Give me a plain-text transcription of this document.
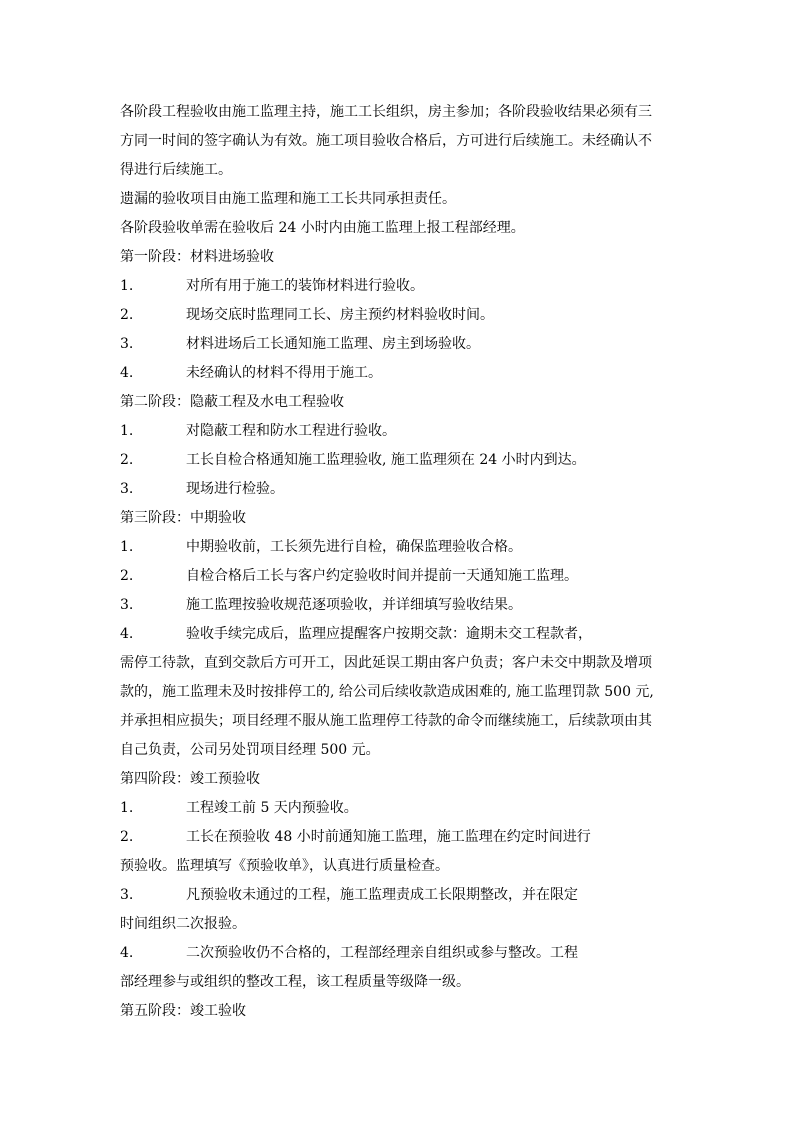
各阶段工程验收由施工监理主持，施工工长组织，房主参加；各阶段验收结果必须有三
方同一时间的签字确认为有效。施工项目验收合格后，方可进行后续施工。未经确认不
得进行后续施工。

遗漏的验收项目由施工监理和施工工长共同承担责任。

各阶段验收单需在验收后 24 小时内由施工监理上报工程部经理。

第一阶段：材料进场验收

1.	对所有用于施工的装饰材料进行验收。
2.	现场交底时监理同工长、房主预约材料验收时间。
3.	材料进场后工长通知施工监理、房主到场验收。
4.	未经确认的材料不得用于施工。

第二阶段：隐蔽工程及水电工程验收

1.	对隐蔽工程和防水工程进行验收。
2.	工长自检合格通知施工监理验收, 施工监理须在 24 小时内到达。
3.	现场进行检验。

第三阶段：中期验收

1.	中期验收前，工长须先进行自检，确保监理验收合格。
2.	自检合格后工长与客户约定验收时间并提前一天通知施工监理。
3.	施工监理按验收规范逐项验收，并详细填写验收结果。
4.	验收手续完成后，监理应提醒客户按期交款：逾期未交工程款者，
需停工待款，直到交款后方可开工，因此延误工期由客户负责；客户未交中期款及增项
款的，施工监理未及时按排停工的, 给公司后续收款造成困难的, 施工监理罚款 500 元,
并承担相应损失；项目经理不服从施工监理停工待款的命令而继续施工，后续款项由其
自己负责，公司另处罚项目经理 500 元。

第四阶段：竣工预验收

1.	工程竣工前 5 天内预验收。
2.	工长在预验收 48 小时前通知施工监理，施工监理在约定时间进行
预验收。监理填写《预验收单》，认真进行质量检查。
3.	凡预验收未通过的工程，施工监理责成工长限期整改，并在限定
时间组织二次报验。
4.	二次预验收仍不合格的，工程部经理亲自组织或参与整改。工程
部经理参与或组织的整改工程，该工程质量等级降一级。

第五阶段：竣工验收
